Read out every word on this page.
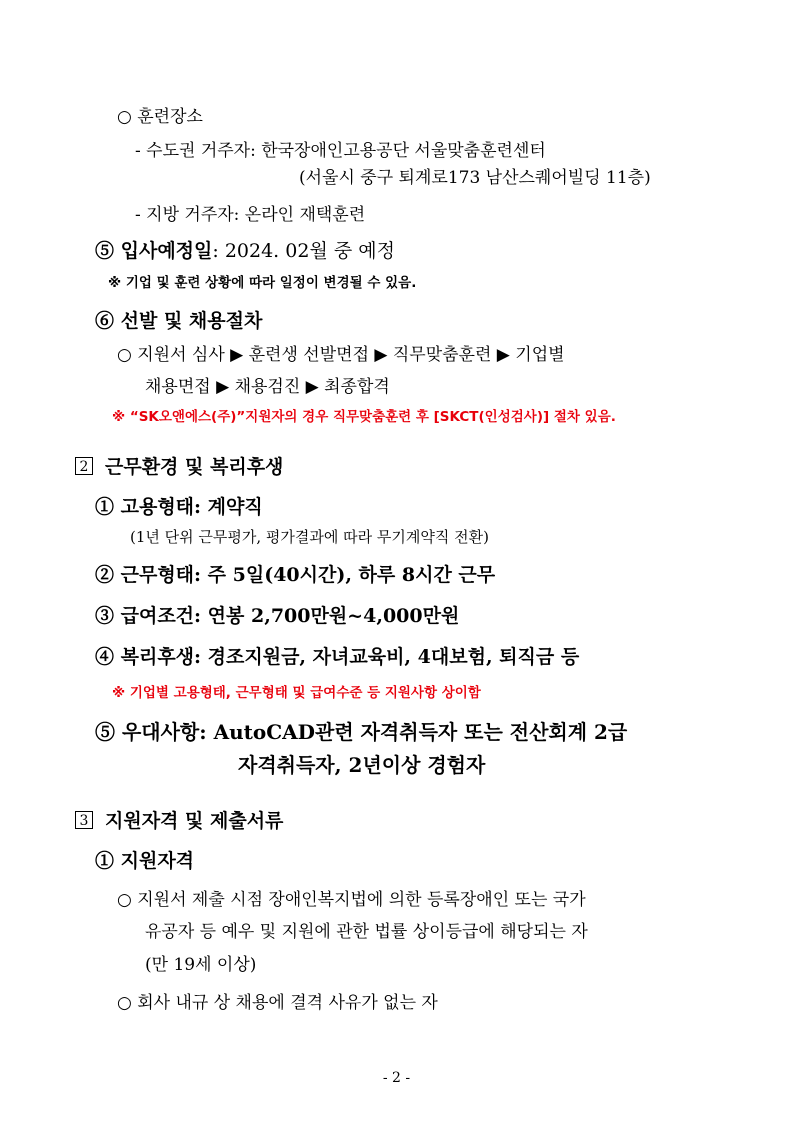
○ 훈련장소
- 수도권 거주자: 한국장애인고용공단 서울맞춤훈련센터
(서울시 중구 퇴계로173 남산스퀘어빌딩 11층)
- 지방 거주자: 온라인 재택훈련
⑤ 입사예정일: 2024. 02월 중 예정
※ 기업 및 훈련 상황에 따라 일정이 변경될 수 있음.
⑥ 선발 및 채용절차
○ 지원서 심사 ▶ 훈련생 선발면접 ▶ 직무맞춤훈련 ▶ 기업별
채용면접 ▶ 채용검진 ▶ 최종합격
※ “SK오앤에스(주)”지원자의 경우 직무맞춤훈련 후 [SKCT(인성검사)] 절차 있음.
2 근무환경 및 복리후생
① 고용형태: 계약직
(1년 단위 근무평가, 평가결과에 따라 무기계약직 전환)
② 근무형태: 주 5일(40시간), 하루 8시간 근무
③ 급여조건: 연봉 2,700만원~4,000만원
④ 복리후생: 경조지원금, 자녀교육비, 4대보험, 퇴직금 등
※ 기업별 고용형태, 근무형태 및 급여수준 등 지원사항 상이함
⑤ 우대사항: AutoCAD관련 자격취득자 또는 전산회계 2급
자격취득자, 2년이상 경험자
3 지원자격 및 제출서류
① 지원자격
○ 지원서 제출 시점 장애인복지법에 의한 등록장애인 또는 국가
유공자 등 예우 및 지원에 관한 법률 상이등급에 해당되는 자
(만 19세 이상)
○ 회사 내규 상 채용에 결격 사유가 없는 자
- 2 -
